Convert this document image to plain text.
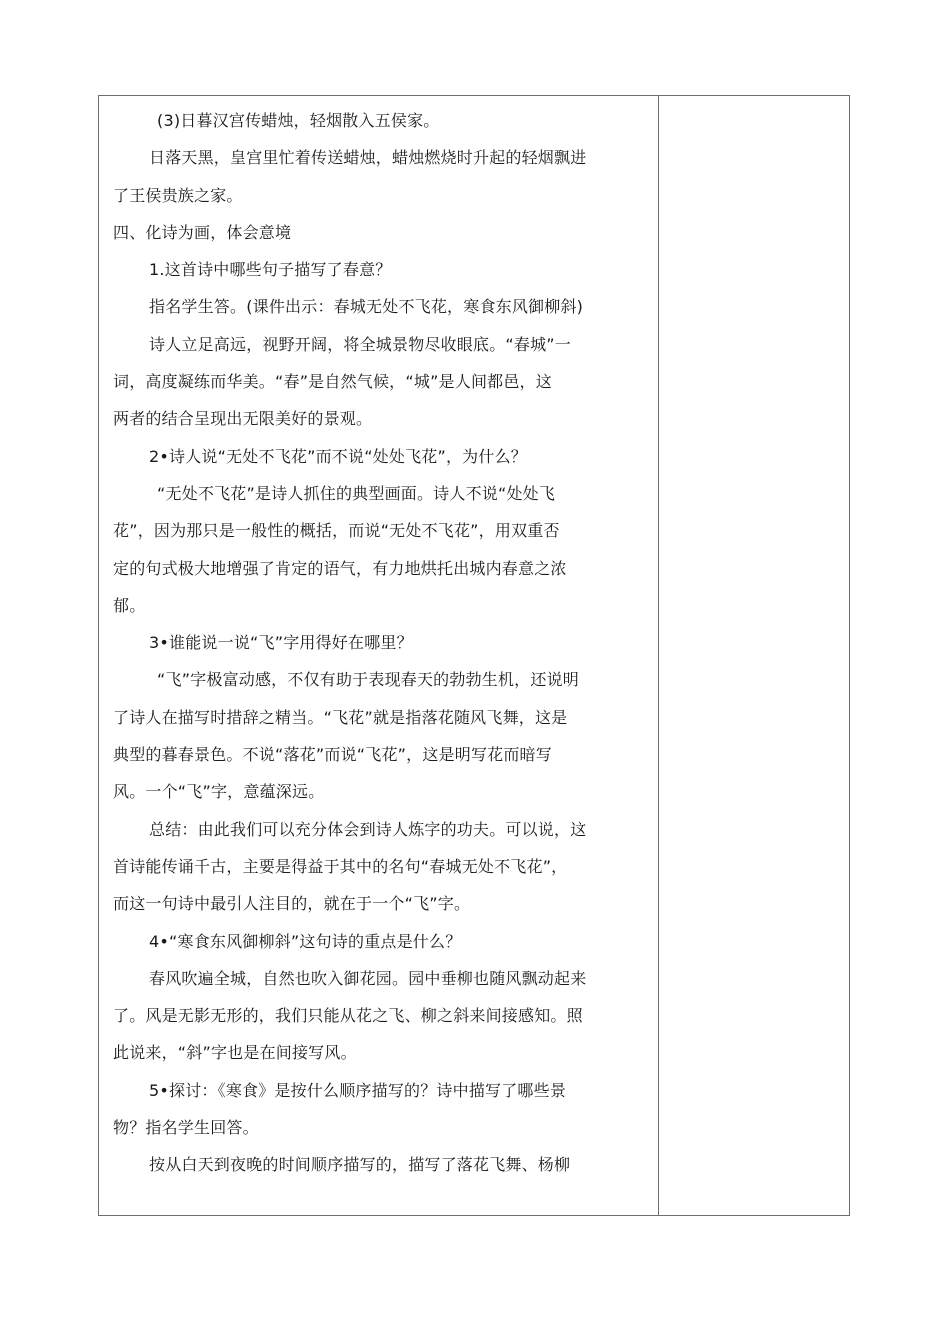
(3)日暮汉宫传蜡烛，轻烟散入五侯家。
日落天黑，皇宫里忙着传送蜡烛，蜡烛燃烧时升起的轻烟飘进
了王侯贵族之家。
四、化诗为画，体会意境
1.这首诗中哪些句子描写了春意？
指名学生答。(课件出示：春城无处不飞花，寒食东风御柳斜)
诗人立足高远，视野开阔，将全城景物尽收眼底。“春城”一
词，高度凝练而华美。“春”是自然气候，“城”是人间都邑，这
两者的结合呈现出无限美好的景观。
2•诗人说“无处不飞花”而不说“处处飞花”，为什么？
“无处不飞花”是诗人抓住的典型画面。诗人不说“处处飞
花”，因为那只是一般性的概括，而说“无处不飞花”，用双重否
定的句式极大地增强了肯定的语气，有力地烘托出城内春意之浓
郁。
3•谁能说一说“飞”字用得好在哪里？
“飞”字极富动感，不仅有助于表现春天的勃勃生机，还说明
了诗人在描写时措辞之精当。“飞花”就是指落花随风飞舞，这是
典型的暮春景色。不说“落花”而说“飞花”，这是明写花而暗写
风。一个“飞”字，意蕴深远。
总结：由此我们可以充分体会到诗人炼字的功夫。可以说，这
首诗能传诵千古，主要是得益于其中的名句“春城无处不飞花”，
而这一句诗中最引人注目的，就在于一个“飞”字。
4•“寒食东风御柳斜”这句诗的重点是什么？
春风吹遍全城，自然也吹入御花园。园中垂柳也随风飘动起来
了。风是无影无形的，我们只能从花之飞、柳之斜来间接感知。照
此说来，“斜”字也是在间接写风。
5•探讨：《寒食》是按什么顺序描写的？诗中描写了哪些景
物？指名学生回答。
按从白天到夜晚的时间顺序描写的，描写了落花飞舞、杨柳
